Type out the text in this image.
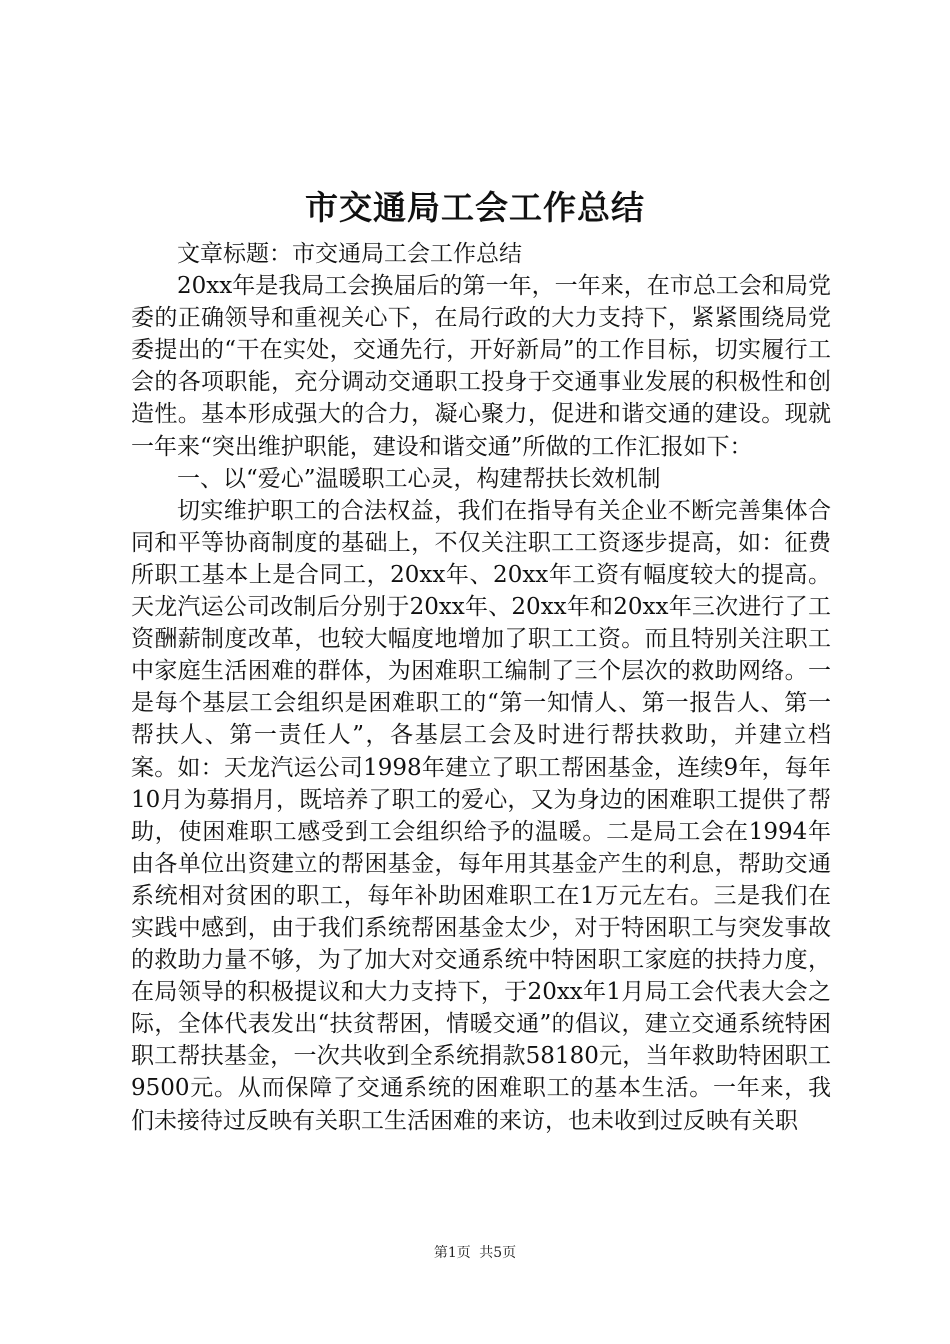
市交通局工会工作总结

文章标题：市交通局工会工作总结

20xx年是我局工会换届后的第一年，一年来，在市总工会和局党委的正确领导和重视关心下，在局行政的大力支持下，紧紧围绕局党委提出的“干在实处，交通先行，开好新局”的工作目标，切实履行工会的各项职能，充分调动交通职工投身于交通事业发展的积极性和创造性。基本形成强大的合力，凝心聚力，促进和谐交通的建设。现就一年来“突出维护职能，建设和谐交通”所做的工作汇报如下：

一、以“爱心”温暖职工心灵，构建帮扶长效机制

切实维护职工的合法权益，我们在指导有关企业不断完善集体合同和平等协商制度的基础上，不仅关注职工工资逐步提高，如：征费所职工基本上是合同工，20xx年、20xx年工资有幅度较大的提高。天龙汽运公司改制后分别于20xx年、20xx年和20xx年三次进行了工资酬薪制度改革，也较大幅度地增加了职工工资。而且特别关注职工中家庭生活困难的群体，为困难职工编制了三个层次的救助网络。一是每个基层工会组织是困难职工的“第一知情人、第一报告人、第一帮扶人、第一责任人”，各基层工会及时进行帮扶救助，并建立档案。如：天龙汽运公司1998年建立了职工帮困基金，连续9年，每年10月为募捐月，既培养了职工的爱心，又为身边的困难职工提供了帮助，使困难职工感受到工会组织给予的温暖。二是局工会在1994年由各单位出资建立的帮困基金，每年用其基金产生的利息，帮助交通系统相对贫困的职工，每年补助困难职工在1万元左右。三是我们在实践中感到，由于我们系统帮困基金太少，对于特困职工与突发事故的救助力量不够，为了加大对交通系统中特困职工家庭的扶持力度，在局领导的积极提议和大力支持下，于20xx年1月局工会代表大会之际，全体代表发出“扶贫帮困，情暖交通”的倡议，建立交通系统特困职工帮扶基金，一次共收到全系统捐款58180元，当年救助特困职工9500元。从而保障了交通系统的困难职工的基本生活。一年来，我们未接待过反映有关职工生活困难的来访，也未收到过反映有关职

第1页 共5页
